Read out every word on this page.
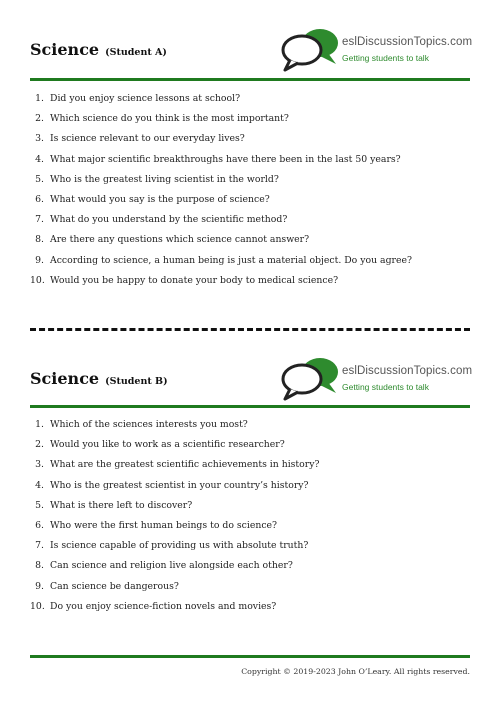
Science (Student A)
eslDiscussionTopics.com
Getting students to talk
1. Did you enjoy science lessons at school?
2. Which science do you think is the most important?
3. Is science relevant to our everyday lives?
4. What major scientific breakthroughs have there been in the last 50 years?
5. Who is the greatest living scientist in the world?
6. What would you say is the purpose of science?
7. What do you understand by the scientific method?
8. Are there any questions which science cannot answer?
9. According to science, a human being is just a material object. Do you agree?
10. Would you be happy to donate your body to medical science?
Science (Student B)
eslDiscussionTopics.com
Getting students to talk
1. Which of the sciences interests you most?
2. Would you like to work as a scientific researcher?
3. What are the greatest scientific achievements in history?
4. Who is the greatest scientist in your country’s history?
5. What is there left to discover?
6. Who were the first human beings to do science?
7. Is science capable of providing us with absolute truth?
8. Can science and religion live alongside each other?
9. Can science be dangerous?
10. Do you enjoy science-fiction novels and movies?
Copyright © 2019-2023 John O’Leary. All rights reserved.
